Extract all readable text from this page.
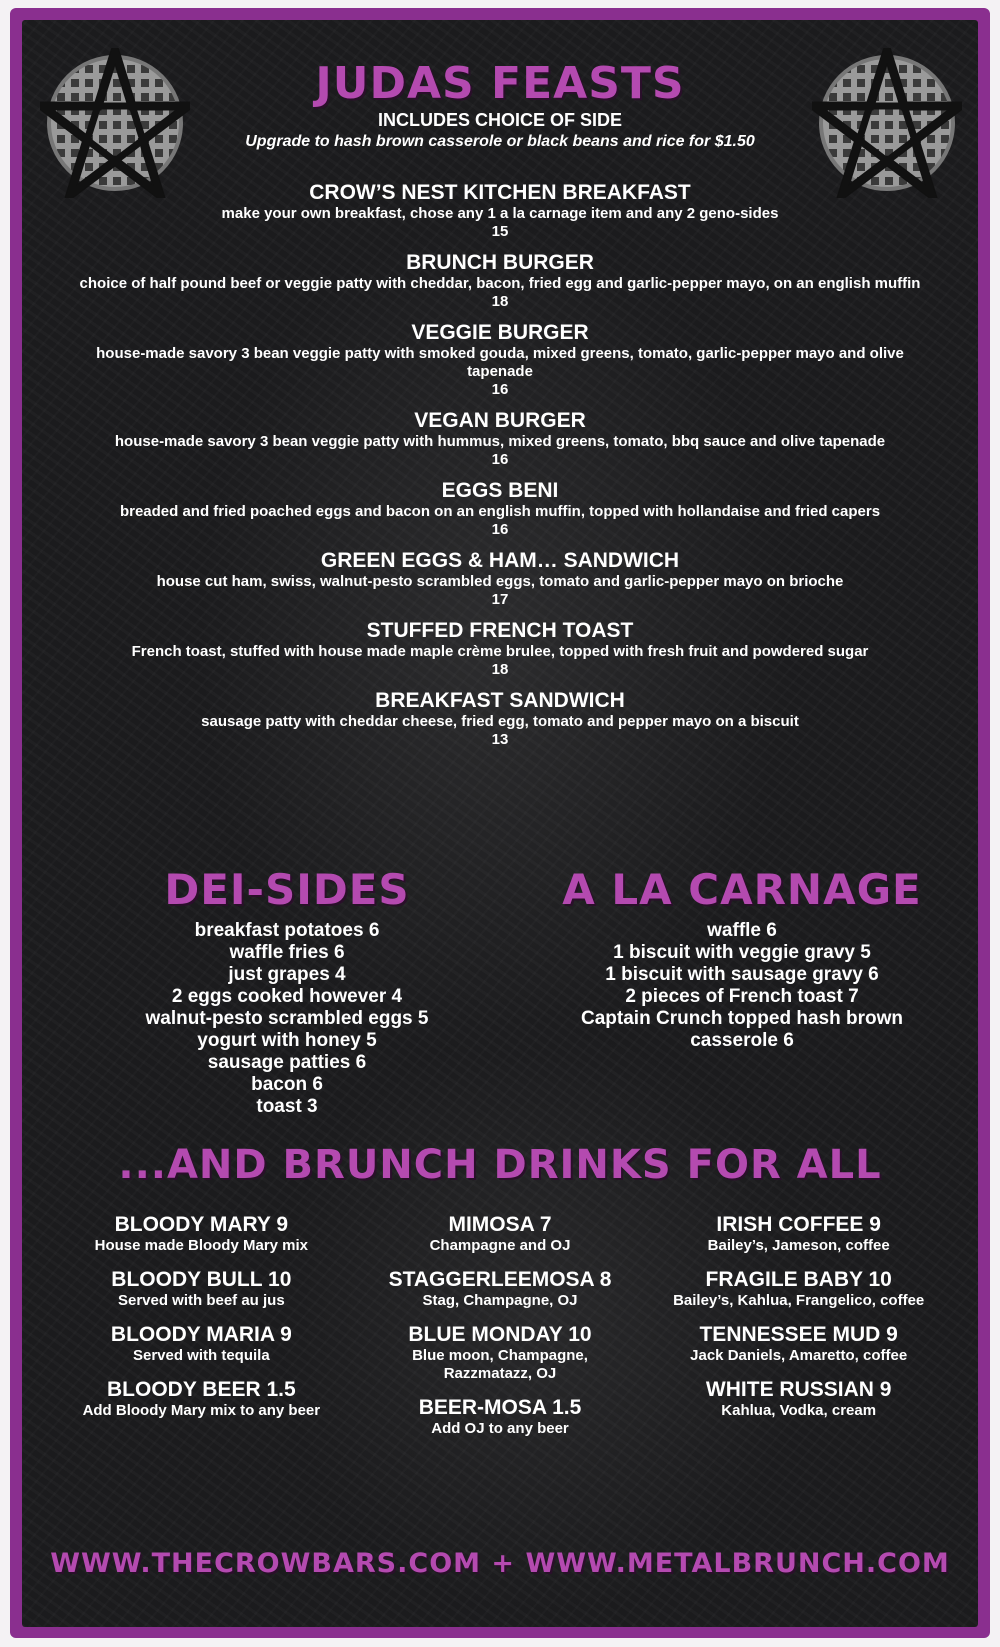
JUDAS FEASTS
INCLUDES CHOICE OF SIDE
Upgrade to hash brown casserole or black beans and rice for $1.50
CROW’S NEST KITCHEN BREAKFAST
make your own breakfast, chose any 1 a la carnage item and any 2 geno-sides
15
BRUNCH BURGER
choice of half pound beef or veggie patty with cheddar, bacon, fried egg and garlic-pepper mayo, on an english muffin
18
VEGGIE BURGER
house-made savory 3 bean veggie patty with smoked gouda, mixed greens, tomato, garlic-pepper mayo and olive tapenade
16
VEGAN BURGER
house-made savory 3 bean veggie patty with hummus, mixed greens, tomato, bbq sauce and olive tapenade
16
EGGS BENI
breaded and fried poached eggs and bacon on an english muffin, topped with hollandaise and fried capers
16
GREEN EGGS & HAM… SANDWICH
house cut ham, swiss, walnut-pesto scrambled eggs, tomato and garlic-pepper mayo on brioche
17
STUFFED FRENCH TOAST
French toast, stuffed with house made maple crème brulee, topped with fresh fruit and powdered sugar
18
BREAKFAST SANDWICH
sausage patty with cheddar cheese, fried egg, tomato and pepper mayo on a biscuit
13
DEI-SIDES
breakfast potatoes 6
waffle fries 6
just grapes 4
2 eggs cooked however 4
walnut-pesto scrambled eggs 5
yogurt with honey 5
sausage patties 6
bacon 6
toast 3
A LA CARNAGE
waffle 6
1 biscuit with veggie gravy 5
1 biscuit with sausage gravy 6
2 pieces of French toast 7
Captain Crunch topped hash brown
casserole 6
...AND BRUNCH DRINKS FOR ALL
BLOODY MARY 9
House made Bloody Mary mix
BLOODY BULL 10
Served with beef au jus
BLOODY MARIA 9
Served with tequila
BLOODY BEER 1.5
Add Bloody Mary mix to any beer
MIMOSA 7
Champagne and OJ
STAGGERLEEMOSA 8
Stag, Champagne, OJ
BLUE MONDAY 10
Blue moon, Champagne, Razzmatazz, OJ
BEER-MOSA 1.5
Add OJ to any beer
IRISH COFFEE 9
Bailey’s, Jameson, coffee
FRAGILE BABY 10
Bailey’s, Kahlua, Frangelico, coffee
TENNESSEE MUD 9
Jack Daniels, Amaretto, coffee
WHITE RUSSIAN 9
Kahlua, Vodka, cream
WWW.THECROWBARS.COM + WWW.METALBRUNCH.COM
